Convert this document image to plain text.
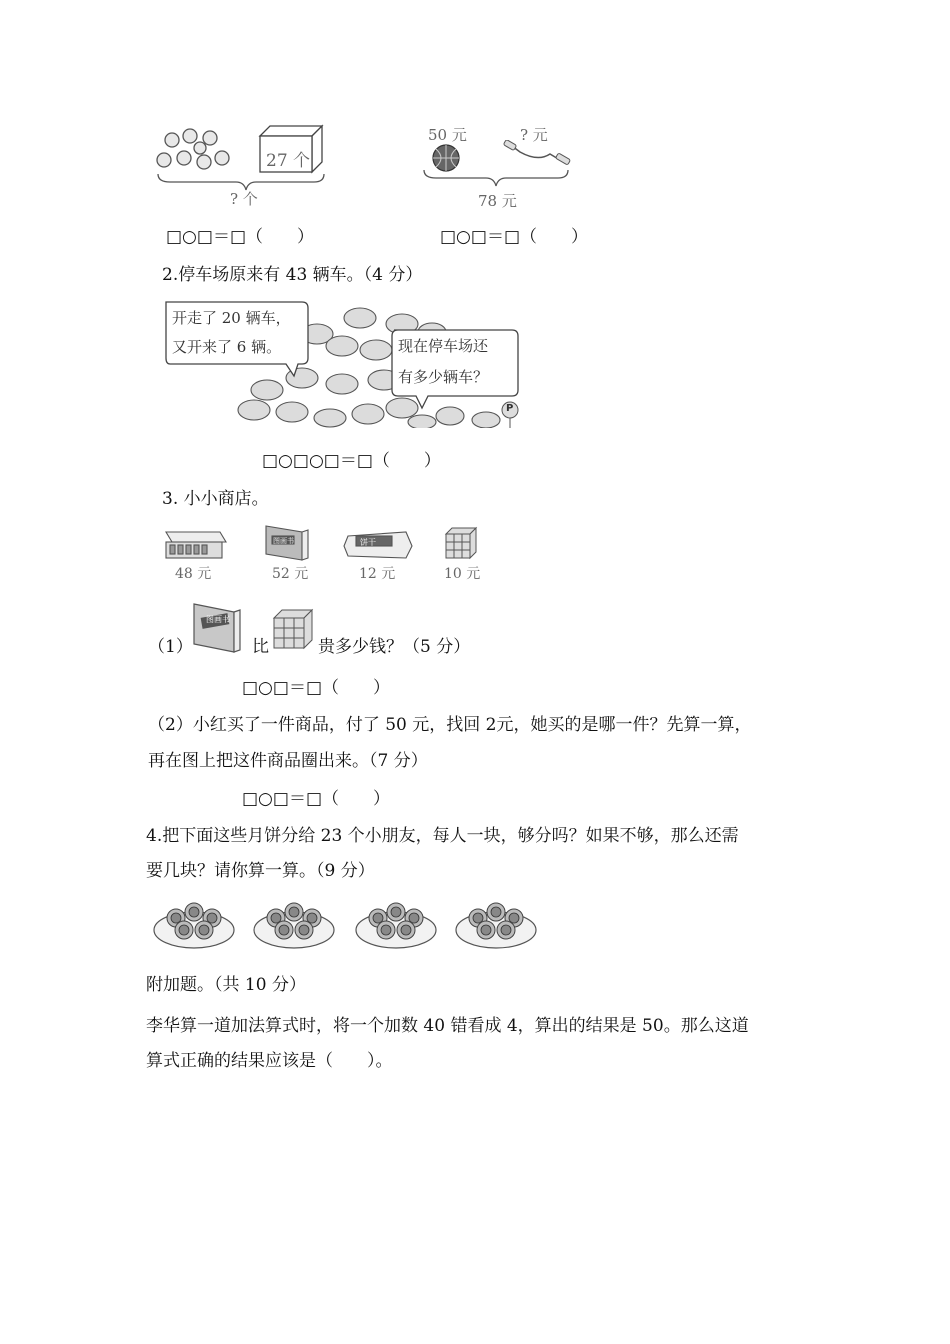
27 个
? 个
50 元	? 元
78 元
□○□＝□（　　）	□○□＝□（　　）
2.停车场原来有 43 辆车。（4 分）
开走了 20 辆车，
又开来了 6 辆。	现在停车场还
有多少辆车？
P
□○□○□＝□（　　）
3. 小小商店。
图画书	饼干
48 元	52 元	12 元	10 元
（1）
图画书
比	贵多少钱？（5 分）
□○□＝□（　　）
（2）小红买了一件商品，付了 50 元，找回 2元，她买的是哪一件？先算一算，
再在图上把这件商品圈出来。（7 分）
□○□＝□（　　）
4.把下面这些月饼分给 23 个小朋友，每人一块，够分吗？如果不够，那么还需
要几块？请你算一算。（9 分）
附加题。（共 10 分）
李华算一道加法算式时，将一个加数 40 错看成 4，算出的结果是 50。那么这道
算式正确的结果应该是（　　）。
